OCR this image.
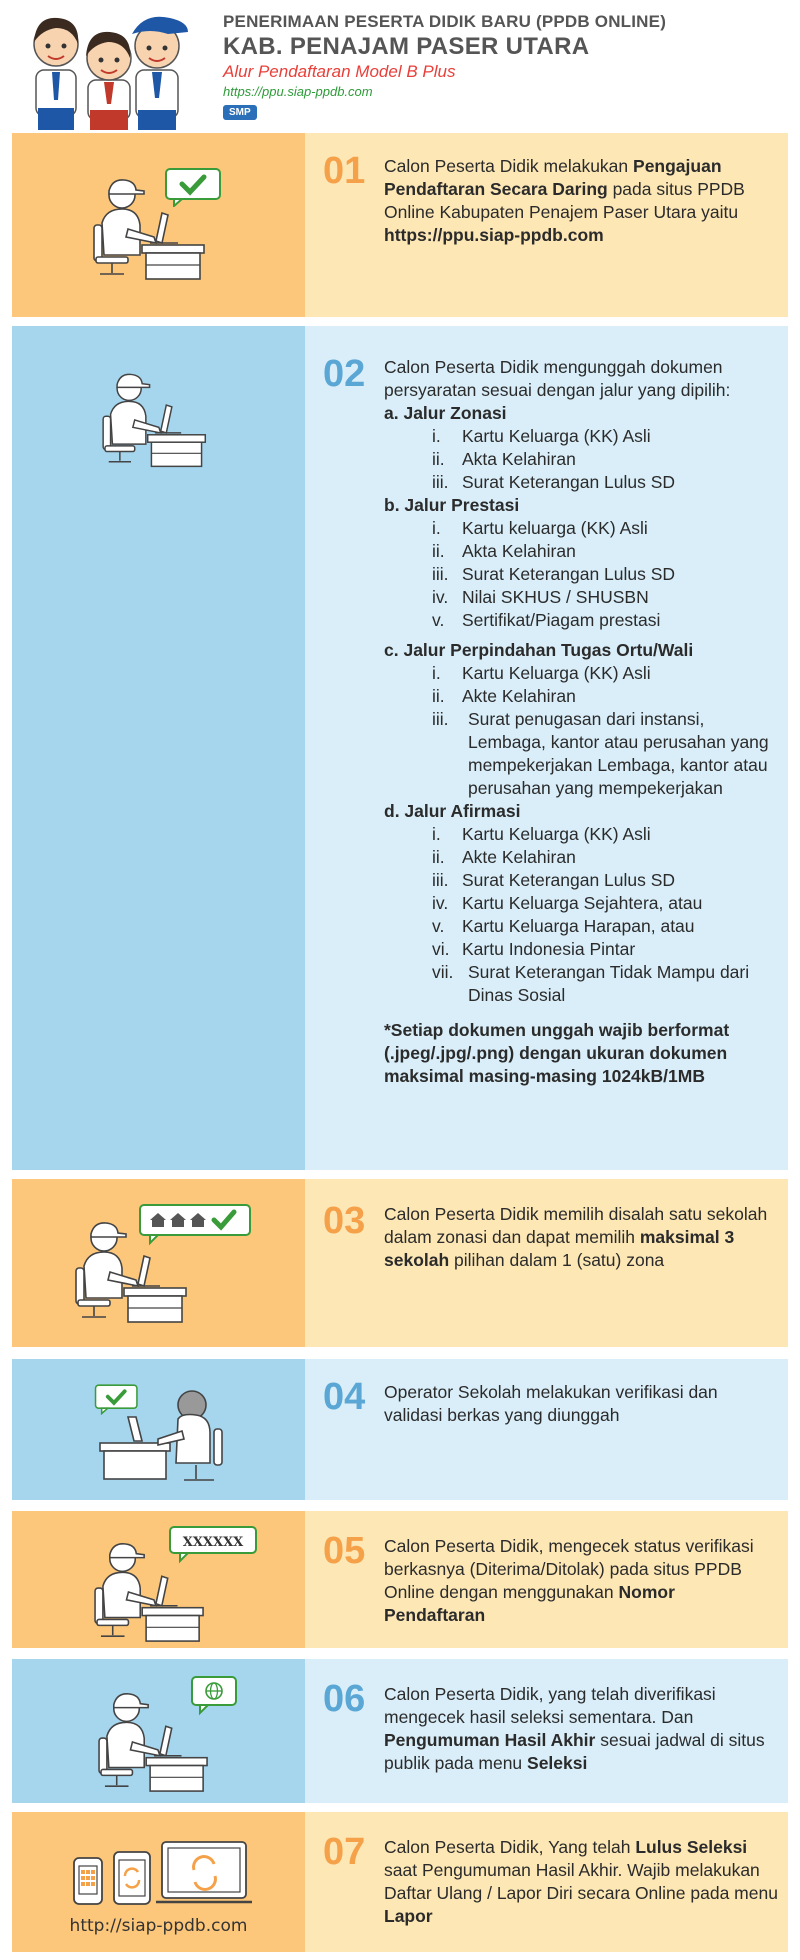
PENERIMAAN PESERTA DIDIK BARU (PPDB ONLINE)
KAB. PENAJAM PASER UTARA
Alur Pendaftaran Model B Plus
https://ppu.siap-ppdb.com
SMP
01 Calon Peserta Didik melakukan Pengajuan Pendaftaran Secara Daring pada situs PPDB Online Kabupaten Penajem Paser Utara yaitu https://ppu.siap-ppdb.com
02 Calon Peserta Didik mengunggah dokumen persyaratan sesuai dengan jalur yang dipilih:
a. Jalur Zonasi
i. Kartu Keluarga (KK) Asli
ii. Akta Kelahiran
iii. Surat Keterangan Lulus SD
b. Jalur Prestasi
i. Kartu keluarga (KK) Asli
ii. Akta Kelahiran
iii. Surat Keterangan Lulus SD
iv. Nilai SKHUS / SHUSBN
v. Sertifikat/Piagam prestasi
c. Jalur Perpindahan Tugas Ortu/Wali
i. Kartu Keluarga (KK) Asli
ii. Akte Kelahiran
iii. Surat penugasan dari instansi, Lembaga, kantor atau perusahan yang mempekerjakan Lembaga, kantor atau perusahan yang mempekerjakan
d. Jalur Afirmasi
i. Kartu Keluarga (KK) Asli
ii. Akte Kelahiran
iii. Surat Keterangan Lulus SD
iv. Kartu Keluarga Sejahtera, atau
v. Kartu Keluarga Harapan, atau
vi. Kartu Indonesia Pintar
vii. Surat Keterangan Tidak Mampu dari Dinas Sosial
*Setiap dokumen unggah wajib berformat (.jpeg/.jpg/.png) dengan ukuran dokumen maksimal masing-masing 1024kB/1MB
03 Calon Peserta Didik memilih disalah satu sekolah dalam zonasi dan dapat memilih maksimal 3 sekolah pilihan dalam 1 (satu) zona
04 Operator Sekolah melakukan verifikasi dan validasi berkas yang diunggah
XXXXXX 05 Calon Peserta Didik, mengecek status verifikasi berkasnya (Diterima/Ditolak) pada situs PPDB Online dengan menggunakan Nomor Pendaftaran
06 Calon Peserta Didik, yang telah diverifikasi mengecek hasil seleksi sementara. Dan Pengumuman Hasil Akhir sesuai jadwal di situs publik pada menu Seleksi
http://siap-ppdb.com
07 Calon Peserta Didik, Yang telah Lulus Seleksi saat Pengumuman Hasil Akhir. Wajib melakukan Daftar Ulang / Lapor Diri secara Online pada menu Lapor
